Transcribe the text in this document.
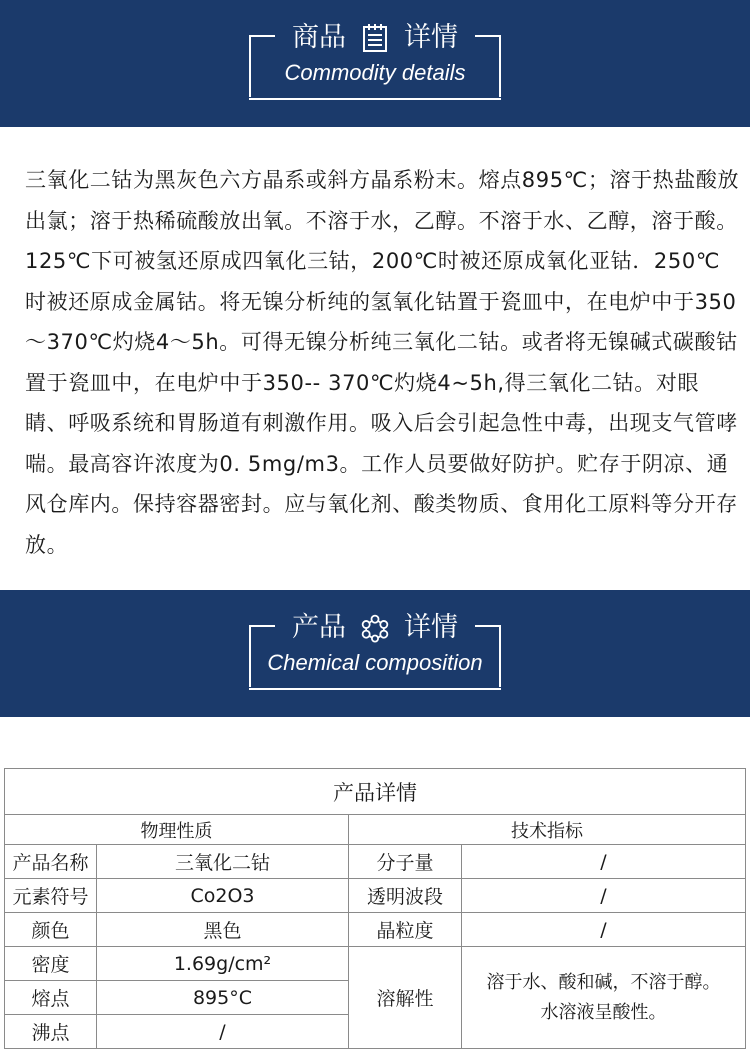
商品 详情
Commodity details

三氧化二钴为黑灰色六方晶系或斜方晶系粉末。熔点895℃；溶于热盐酸放出氯；溶于热稀硫酸放出氧。不溶于水，乙醇。不溶于水、乙醇，溶于酸。125℃下可被氢还原成四氧化三钴，200℃时被还原成氧化亚钴．250℃时被还原成金属钴。将无镍分析纯的氢氧化钴置于瓷皿中，在电炉中于350～370℃灼烧4～5h。可得无镍分析纯三氧化二钴。或者将无镍碱式碳酸钴置于瓷皿中，在电炉中于350-- 370℃灼烧4~5h,得三氧化二钴。对眼睛、呼吸系统和胃肠道有刺激作用。吸入后会引起急性中毒，出现支气管哮喘。最高容许浓度为0. 5mg/m3。工作人员要做好防护。贮存于阴凉、通风仓库内。保持容器密封。应与氧化剂、酸类物质、食用化工原料等分开存放。

产品 详情
Chemical composition
产品详情			
物理性质		技术指标	
产品名称	三氧化二钴	分子量	/
元素符号	Co2O3	透明波段	/
颜色	黑色	晶粒度	/
密度	1.69g/cm²	溶解性	溶于水、酸和碱，不溶于醇。
水溶液呈酸性。

熔点	895°C		
沸点	/		
